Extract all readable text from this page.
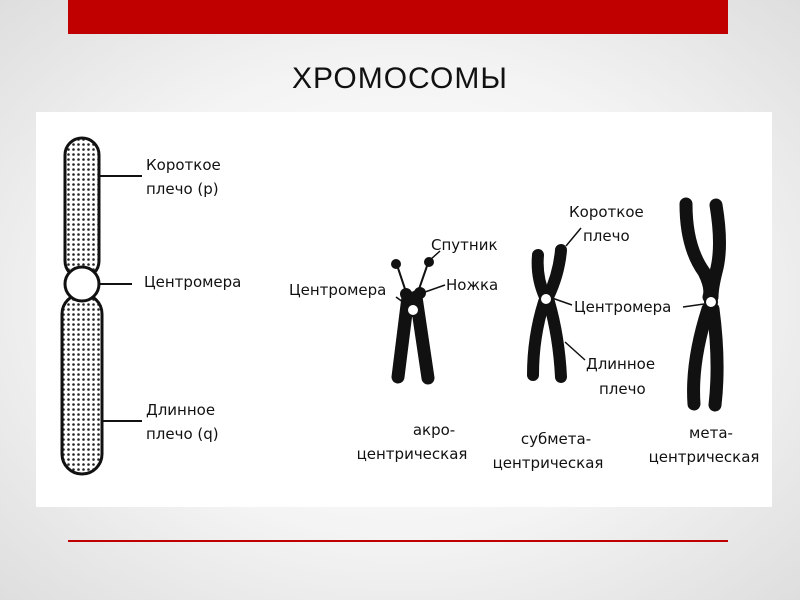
ХРОМОСОМЫ
Короткое
плечо (p)
Центромера
Длинное
плечо (q)
Спутник
Центромера	Ножка
акро-
центрическая
Короткое
плечо
Центромера
Длинное
плечо
субмета-
центрическая
мета-
центрическая
